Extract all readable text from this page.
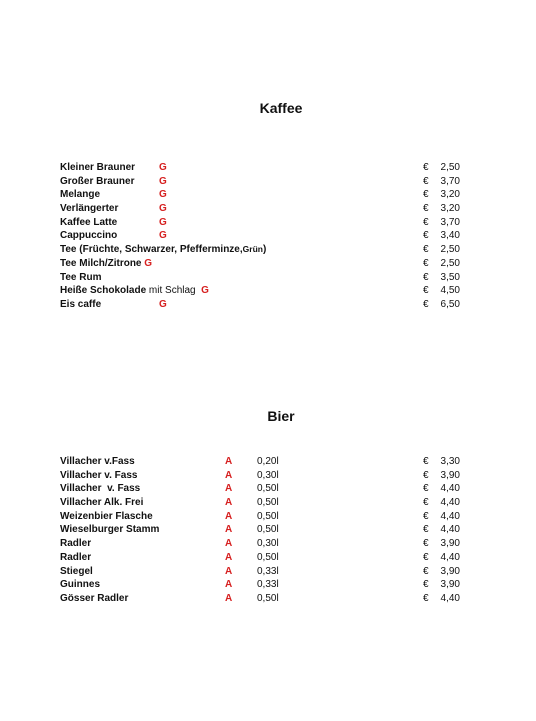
Kaffee
Kleiner Brauner G	€	2,50
Großer Brauner G	€	3,70
Melange	G	€	3,20
Verlängerter	G	€	3,20
Kaffee Latte	G	€	3,70
Cappuccino	G	€	3,40
Tee (Früchte, Schwarzer, Pfefferminze,Grün)	€	2,50
Tee Milch/Zitrone G	€	2,50
Tee Rum	€	3,50
Heiße Schokolade mit Schlag G	€	4,50
Eis caffe	G	€	6,50
Bier
Villacher v.Fass	A 0,20l	€	3,30
Villacher v. Fass	A 0,30l	€	3,90
Villacher  v. Fass	A 0,50l	€	4,40
Villacher Alk. Frei	A 0,50l	€	4,40
Weizenbier Flasche	A 0,50l	€	4,40
Wieselburger Stamm	A 0,50l	€	4,40
Radler	A 0,30l	€	3,90
Radler	A 0,50l	€	4,40
Stiegel	A 0,33l	€	3,90
Guinnes	A 0,33l	€	3,90
Gösser Radler	A 0,50l	€	4,40
